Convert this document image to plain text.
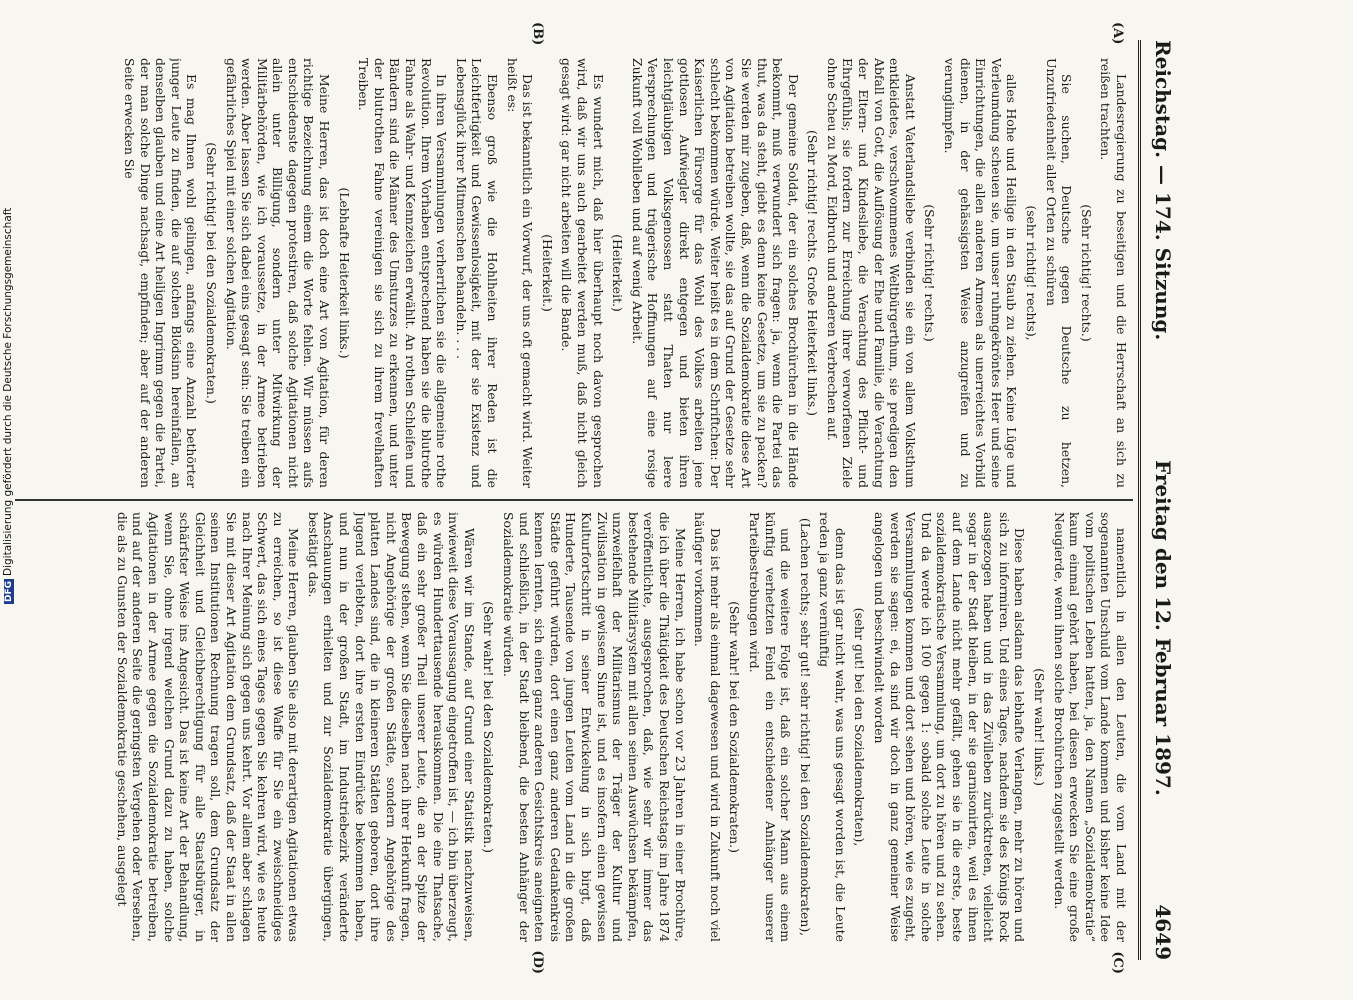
Reichstag. — 174. Sitzung.
Freitag den 12. Februar 1897.
4649

Landesregierung zu beseitigen und die Herrschaft an sich zu reißen trachten.

(Sehr richtig! rechts.)

Sie suchen, Deutsche gegen Deutsche zu hetzen, Unzufriedenheit aller Orten zu schüren

(sehr richtig! rechts),

alles Hohe und Heilige in den Staub zu ziehen. Keine Lüge und Verleumdung scheuen sie, um unser ruhmgekröntes Heer und seine Einrichtungen, die allen anderen Armeen als unerreichtes Vorbild dienen, in der gehässigsten Weise anzugreifen und zu verunglimpfen.

(Sehr richtig! rechts.)

Anstatt Vaterlandsliebe verbinden sie ein von allem Volksthum entkleidetes, verschwommenes Weltbürgerthum, sie predigen den Abfall von Gott, die Auflösung der Ehe und Familie, die Verachtung der Eltern- und Kindesliebe, die Verachtung des Pflicht- und Ehrgefühls; sie fordern zur Erreichung ihrer verworfenen Ziele ohne Scheu zu Mord, Eidbruch und anderen Verbrechen auf.

(Sehr richtig! rechts. Große Heiterkeit links.)

Der gemeine Soldat, der ein solches Brochürchen in die Hände bekommt, muß verwundert sich fragen: ja, wenn die Partei das thut, was da steht, giebt es denn keine Gesetze, um sie zu packen? Sie werden mir zugeben, daß, wenn die Sozialdemokratie diese Art von Agitation betreiben wollte, sie das auf Grund der Gesetze sehr schlecht bekommen würde. Weiter heißt es in dem Schriftchen: Der Kaiserlichen Fürsorge für das Wohl des Volkes arbeiten jene gottlosen Aufwiegler direkt entgegen und bieten ihren leichtgläubigen Volksgenossen statt Thaten nur leere Versprechungen und trügerische Hoffnungen auf eine rosige Zukunft voll Wohlleben und auf wenig Arbeit.

(Heiterkeit.)

Es wundert mich, daß hier überhaupt noch davon gesprochen wird, daß wir uns auch gearbeitet werden muß, daß nicht gleich gesagt wird: gar nicht arbeiten will die Bande.

(Heiterkeit.)

Das ist bekanntlich ein Vorwurf, der uns oft gemacht wird. Weiter heißt es:

Ebenso groß wie die Hohlheiten ihrer Reden ist die Leichtfertigkeit und Gewissenlosigkeit, mit der sie Existenz und Lebensglück ihrer Mitmenschen behandeln. . . .

In ihren Versammlungen verherrlichen sie die allgemeine rothe Revolution. Ihrem Vorhaben entsprechend haben sie die blutrothe Fahne als Wahr- und Kennzeichen erwählt. An rothen Schleifen und Bändern sind die Männer des Umsturzes zu erkennen, und unter der blutrothen Fahne vereinigen sie sich zu ihrem frevelhaften Treiben.

(Lebhafte Heiterkeit links.)

Meine Herren, das ist doch eine Art von Agitation, für deren richtige Bezeichnung einem die Worte fehlen. Wir müssen aufs entschiedenste dagegen protestiren, daß solche Agitationen nicht allein unter Billigung, sondern unter Mitwirkung der Militärbehörden, wie ich voraussetze, in der Armee betrieben werden. Aber lassen Sie sich dabei eins gesagt sein: Sie treiben ein gefährliches Spiel mit einer solchen Agitation.

(Sehr richtig! bei den Sozialdemokraten.)

Es mag Ihnen wohl gelingen, anfangs eine Anzahl bethörter junger Leute zu finden, die auf solchen Blödsinn hereinfallen, an denselben glauben und eine Art heiligen Ingrimm gegen die Partei, der man solche Dinge nachsagt, empfinden; aber auf der anderen Seite erwecken Sie

namentlich in allen den Leuten, die vom Land mit der sogenannten Unschuld vom Lande kommen und bisher keine Idee vom politischen Leben hatten, ja, den Namen „Sozialdemokratie“ kaum einmal gehört haben, bei diesen erwecken Sie eine große Neugierde, wenn ihnen solche Brochürchen zugestellt werden.

(Sehr wahr! links.)

Diese haben alsdann das lebhafte Verlangen, mehr zu hören und sich zu informiren. Und eines Tages, nachdem sie des Königs Rock ausgezogen haben und in das Zivilleben zurücktreten, vielleicht sogar in der Stadt bleiben, in der sie garnisonirten, weil es ihnen auf dem Lande nicht mehr gefällt, gehen sie in die erste, beste sozialdemokratische Versammlung, um dort zu hören und zu sehen. Und da werde ich 100 gegen 1: sobald solche Leute in solche Versammlungen kommen und dort sehen und hören, wie es zugeht, werden sie sagen: ei, da sind wir doch in ganz gemeiner Weise angelogen und beschwindelt worden

(sehr gut! bei den Sozialdemokraten),

denn das ist gar nicht wahr, was uns gesagt worden ist, die Leute reden ja ganz vernünftig

(Lachen rechts; sehr gut! sehr richtig! bei den Sozialdemokraten),

und die weitere Folge ist, daß ein solcher Mann aus einem künftig verhetzten Feind ein entschiedener Anhänger unserer Parteibestrebungen wird.

(Sehr wahr! bei den Sozialdemokraten.)

Das ist mehr als einmal dagewesen und wird in Zukunft noch viel häufiger vorkommen.

Meine Herren, ich habe schon vor 23 Jahren in einer Brochüre, die ich über die Thätigkeit des Deutschen Reichstags im Jahre 1874 veröffentlichte, ausgesprochen, daß, wie sehr wir immer das bestehende Militärsystem mit allen seinen Auswüchsen bekämpfen, unzweifelhaft der Militarismus der Träger der Kultur und Zivilisation in gewissem Sinne ist, und es insofern einen gewissen Kulturfortschritt in seiner Entwickelung in sich birgt, daß Hunderte, Tausende von jungen Leuten vom Land in die großen Städte geführt würden, dort einen ganz anderen Gedankenkreis kennen lernten, sich einen ganz anderen Gesichtskreis aneigneten und schließlich, in der Stadt bleibend, die besten Anhänger der Sozialdemokratie würden.

(Sehr wahr! bei den Sozialdemokraten.)

Wären wir im Stande, auf Grund einer Statistik nachzuweisen, inwieweit diese Voraussagung eingetroffen ist, — ich bin überzeugt, es würden Hunderttausende herauskommen. Die eine Thatsache, daß ein sehr großer Theil unserer Leute, die an der Spitze der Bewegung stehen, wenn Sie dieselben nach ihrer Herkunft fragen, nicht Angehörige der großen Städte, sondern Angehörige des platten Landes sind, die in kleineren Städten geboren, dort ihre Jugend verlebten, dort ihre ersten Eindrücke bekommen haben, und nun in der großen Stadt, im Industriebezirk veränderte Anschauungen erhielten und zur Sozialdemokratie übergingen, bestätigt das.

Meine Herren, glauben Sie also mit derartigen Agitationen etwas zu erreichen, so ist diese Waffe für Sie ein zweischneidiges Schwert, das sich eines Tages gegen Sie kehren wird, wie es heute nach Ihrer Meinung sich gegen uns kehrt. Vor allem aber schlagen Sie mit dieser Art Agitation dem Grundsatz, daß der Staat in allen seinen Institutionen Rechnung tragen soll, dem Grundsatz der Gleichheit und Gleichberechtigung für alle Staatsbürger, in schärfster Weise ins Angesicht. Das ist keine Art der Behandlung, wenn Sie, ohne irgend welchen Grund dazu zu haben, solche Agitationen in der Armee gegen die Sozialdemokratie betreiben, und auf der anderen Seite die geringsten Vergehen oder Versehen, die als zu Gunsten der Sozialdemokratie geschehen, ausgelegt

(A)
(B)
(C)
(D)
DFGDigitalisierung gefördert durch die Deutsche Forschungsgemeinschaft
